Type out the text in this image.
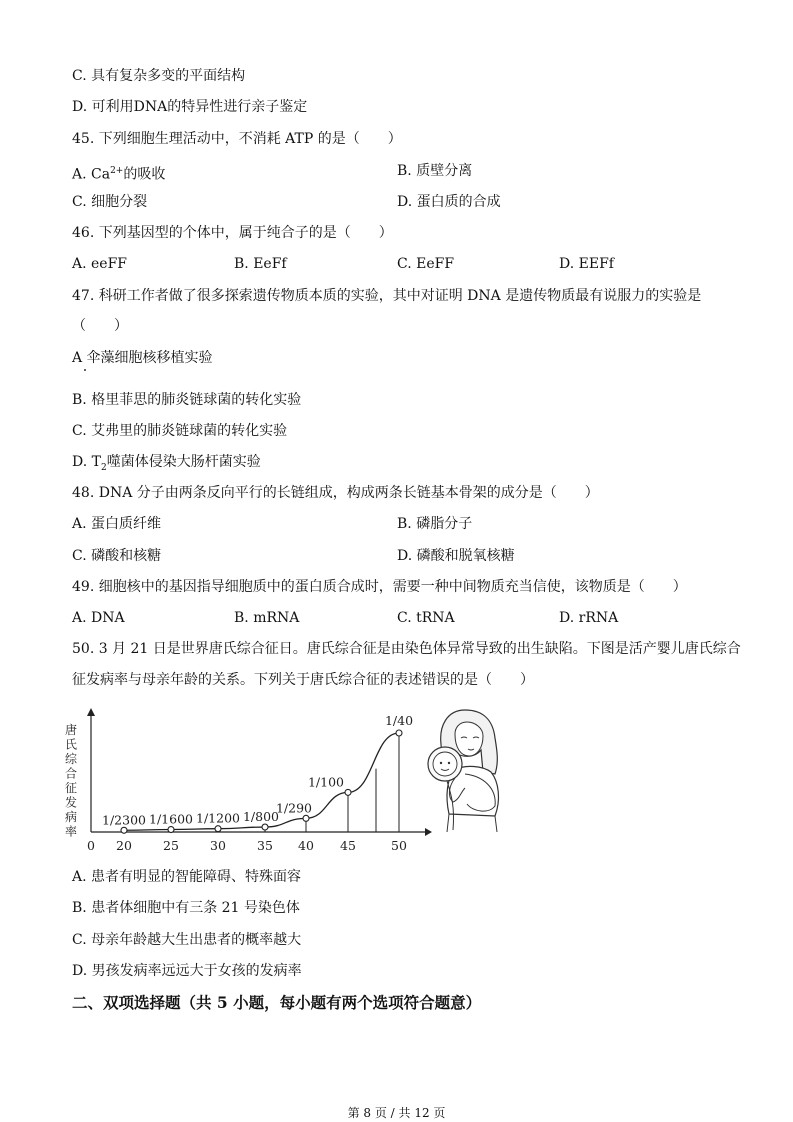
C. 具有复杂多变的平面结构
D. 可利用DNA的特异性进行亲子鉴定
45. 下列细胞生理活动中，不消耗 ATP 的是（　　）
A. $Ca^{2+}$的吸收	B. 质壁分离
C. 细胞分裂	D. 蛋白质的合成
46. 下列基因型的个体中，属于纯合子的是（　　）
A. eeFF	B. EeFf	C. EeFF	D. EEFf
47. 科研工作者做了很多探索遗传物质本质的实验，其中对证明 DNA 是遗传物质最有说服力的实验是
（　　）
A 伞藻细胞核移植实验
B. 格里菲思的肺炎链球菌的转化实验
C. 艾弗里的肺炎链球菌的转化实验
D. $T_2$噬菌体侵染大肠杆菌实验
48. DNA 分子由两条反向平行的长链组成，构成两条长链基本骨架的成分是（　　）
A. 蛋白质纤维	B. 磷脂分子
C. 磷酸和核糖	D. 磷酸和脱氧核糖
49. 细胞核中的基因指导细胞质中的蛋白质合成时，需要一种中间物质充当信使，该物质是（　　）
A. DNA	B. mRNA	C. tRNA	D. rRNA
50. 3 月 21 日是世界唐氏综合征日。唐氏综合征是由染色体异常导致的出生缺陷。下图是活产婴儿唐氏综合
征发病率与母亲年龄的关系。下列关于唐氏综合征的表述错误的是（　　）
唐氏综合征发病率
0 20 25 30 35 40 45	50
1/2300 1/1600 1/1200 1/800
1/290
1/100
1/40
A. 患者有明显的智能障碍、特殊面容
B. 患者体细胞中有三条 21 号染色体
C. 母亲年龄越大生出患者的概率越大
D. 男孩发病率远远大于女孩的发病率
二、双项选择题（共 5 小题，每小题有两个选项符合题意）
第 8 页 / 共 12 页
